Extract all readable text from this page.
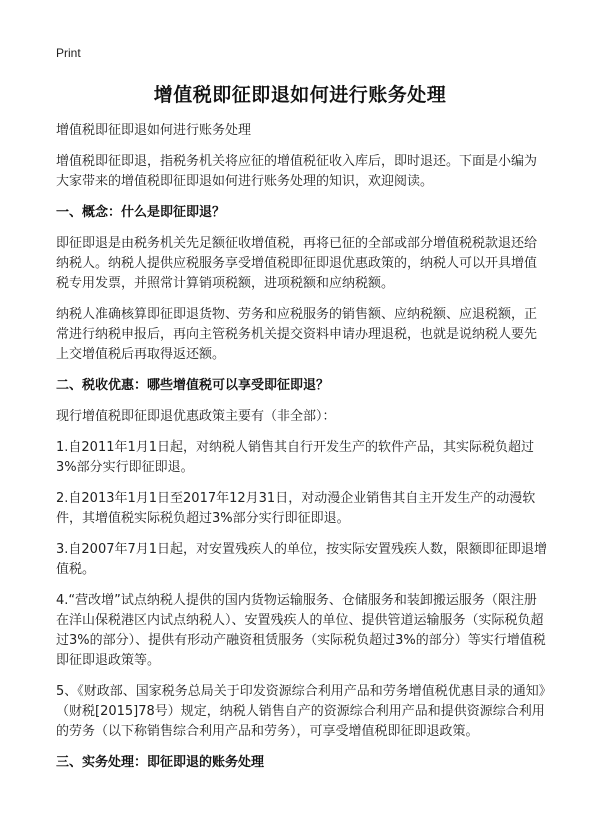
Print
增值税即征即退如何进行账务处理

增值税即征即退如何进行账务处理

增值税即征即退，指税务机关将应征的增值税征收入库后，即时退还。下面是小编为大家带来的增值税即征即退如何进行账务处理的知识，欢迎阅读。

一、概念：什么是即征即退？

即征即退是由税务机关先足额征收增值税，再将已征的全部或部分增值税税款退还给纳税人。纳税人提供应税服务享受增值税即征即退优惠政策的，纳税人可以开具增值税专用发票，并照常计算销项税额，进项税额和应纳税额。

纳税人准确核算即征即退货物、劳务和应税服务的销售额、应纳税额、应退税额，正常进行纳税申报后，再向主管税务机关提交资料申请办理退税，也就是说纳税人要先上交增值税后再取得返还额。

二、税收优惠：哪些增值税可以享受即征即退？

现行增值税即征即退优惠政策主要有（非全部）：

1.自2011年1月1日起，对纳税人销售其自行开发生产的软件产品，其实际税负超过3%部分实行即征即退。

2.自2013年1月1日至2017年12月31日，对动漫企业销售其自主开发生产的动漫软件，其增值税实际税负超过3%部分实行即征即退。

3.自2007年7月1日起，对安置残疾人的单位，按实际安置残疾人数，限额即征即退增值税。

4.“营改增”试点纳税人提供的国内货物运输服务、仓储服务和装卸搬运服务（限注册在洋山保税港区内试点纳税人）、安置残疾人的单位、提供管道运输服务（实际税负超过3%的部分）、提供有形动产融资租赁服务（实际税负超过3%的部分）等实行增值税即征即退政策等。

5、《财政部、国家税务总局关于印发资源综合利用产品和劳务增值税优惠目录的通知》（财税[2015]78号）规定，纳税人销售自产的资源综合利用产品和提供资源综合利用的劳务（以下称销售综合利用产品和劳务），可享受增值税即征即退政策。

三、实务处理：即征即退的账务处理
